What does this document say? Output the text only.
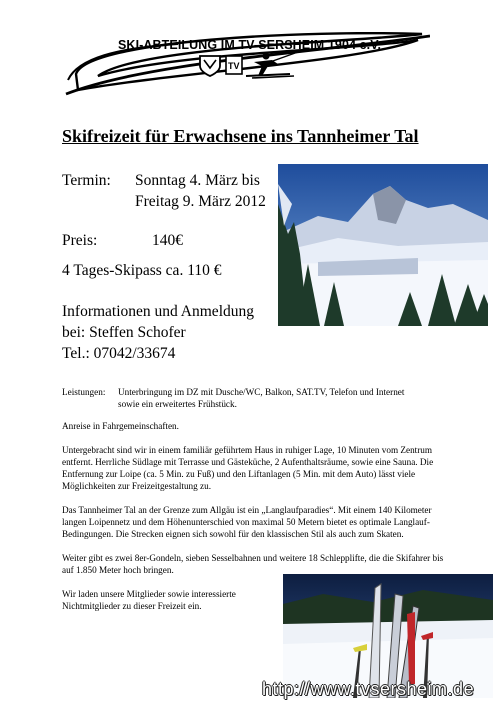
TV
SKI-ABTEILUNG IM TV-SERSHEIM 1904 e.V.
Skifreizeit für Erwachsene ins Tannheimer Tal
Termin: Sonntag 4. März bis
Freitag 9. März 2012
Preis:	140€
4 Tages-Skipass ca. 110 €
Informationen und Anmeldung
bei: Steffen Schofer
Tel.: 07042/33674
Leistungen: Unterbringung im DZ mit Dusche/WC, Balkon, SAT.TV, Telefon und Internet
sowie ein erweitertes Frühstück.
Anreise in Fahrgemeinschaften.
Untergebracht sind wir in einem familiär geführtem Haus in ruhiger Lage, 10 Minuten vom Zentrum entfernt. Herrliche Südlage mit Terrasse und Gästeküche, 2 Aufenthaltsräume, sowie eine Sauna. Die Entfernung zur Loipe (ca. 5 Min. zu Fuß) und den Liftanlagen (5 Min. mit dem Auto) lässt viele Möglichkeiten zur Freizeitgestaltung zu.
Das Tannheimer Tal an der Grenze zum Allgäu ist ein „Langlaufparadies“. Mit einem 140 Kilometer langen Loipennetz und dem Höhenunterschied von maximal 50 Metern bietet es optimale Langlauf-Bedingungen. Die Strecken eignen sich sowohl für den klassischen Stil als auch zum Skaten.
Weiter gibt es zwei 8er-Gondeln, sieben Sesselbahnen und weitere 18 Schlepplifte, die die Skifahrer bis auf 1.850 Meter hoch bringen.
Wir laden unsere Mitglieder sowie interessierte Nichtmitglieder zu dieser Freizeit ein.
http://www.tvsersheim.de
